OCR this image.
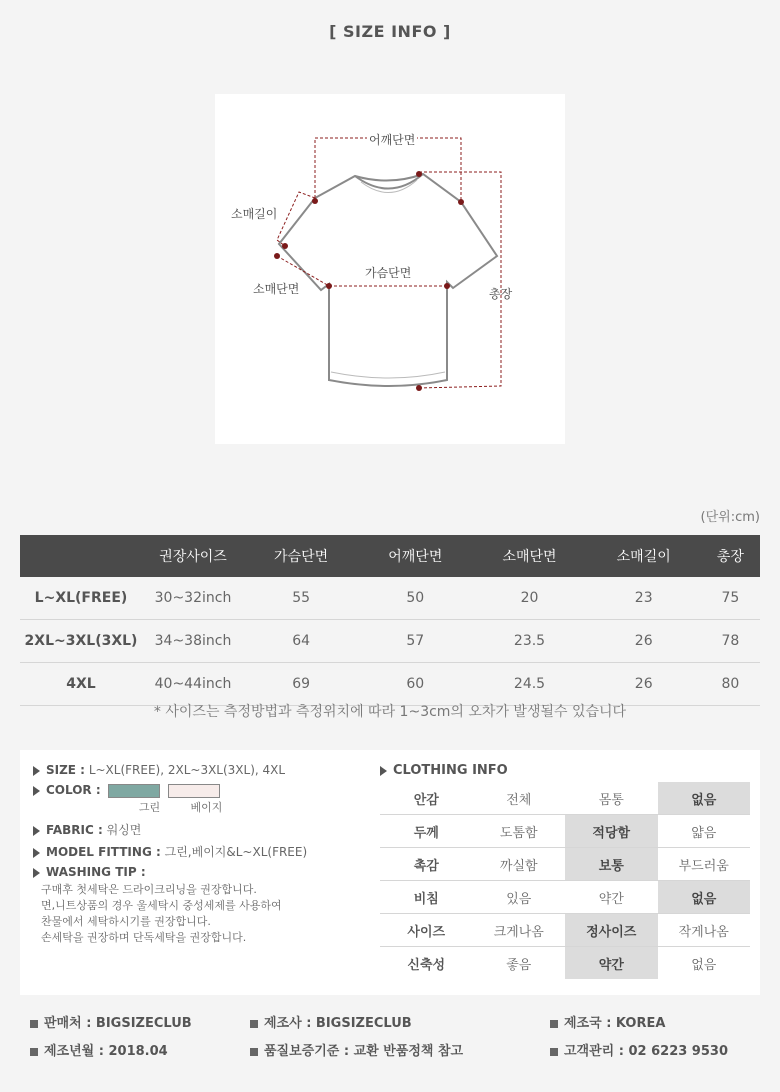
[ SIZE INFO ]
어깨단면
소매길이
소매단면
가슴단면
총장
(단위:cm)
	권장사이즈	가슴단면	어깨단면	소매단면	소매길이	총장
L~XL(FREE)	30~32inch	55	50	20	23	75
2XL~3XL(3XL)	34~38inch	64	57	23.5	26	78
4XL	40~44inch	69	60	24.5	26	80
* 사이즈는 측정방법과 측정위치에 따라 1~3cm의 오차가 발생될수 있습니다
SIZE : L~XL(FREE), 2XL~3XL(3XL), 4XL
COLOR :
그린	베이지
FABRIC : 워싱면
MODEL FITTING : 그린,베이지&L~XL(FREE)
WASHING TIP :
구매후 첫세탁은 드라이크리닝을 권장합니다.
면,니트상품의 경우 울세탁시 중성세제를 사용하여
찬물에서 세탁하시기를 권장합니다.
손세탁을 권장하며 단독세탁을 권장합니다.
CLOTHING INFO
안감	전체	몸통	없음
두께	도톰함	적당함	얇음
촉감	까실함	보통	부드러움
비침	있음	약간	없음
사이즈	크게나옴	정사이즈	작게나옴
신축성	좋음	약간	없음
판매처 : BIGSIZECLUB	제조사 : BIGSIZECLUB	제조국 : KOREA
제조년월 : 2018.04	품질보증기준 : 교환 반품정책 참고	고객관리 : 02 6223 9530
